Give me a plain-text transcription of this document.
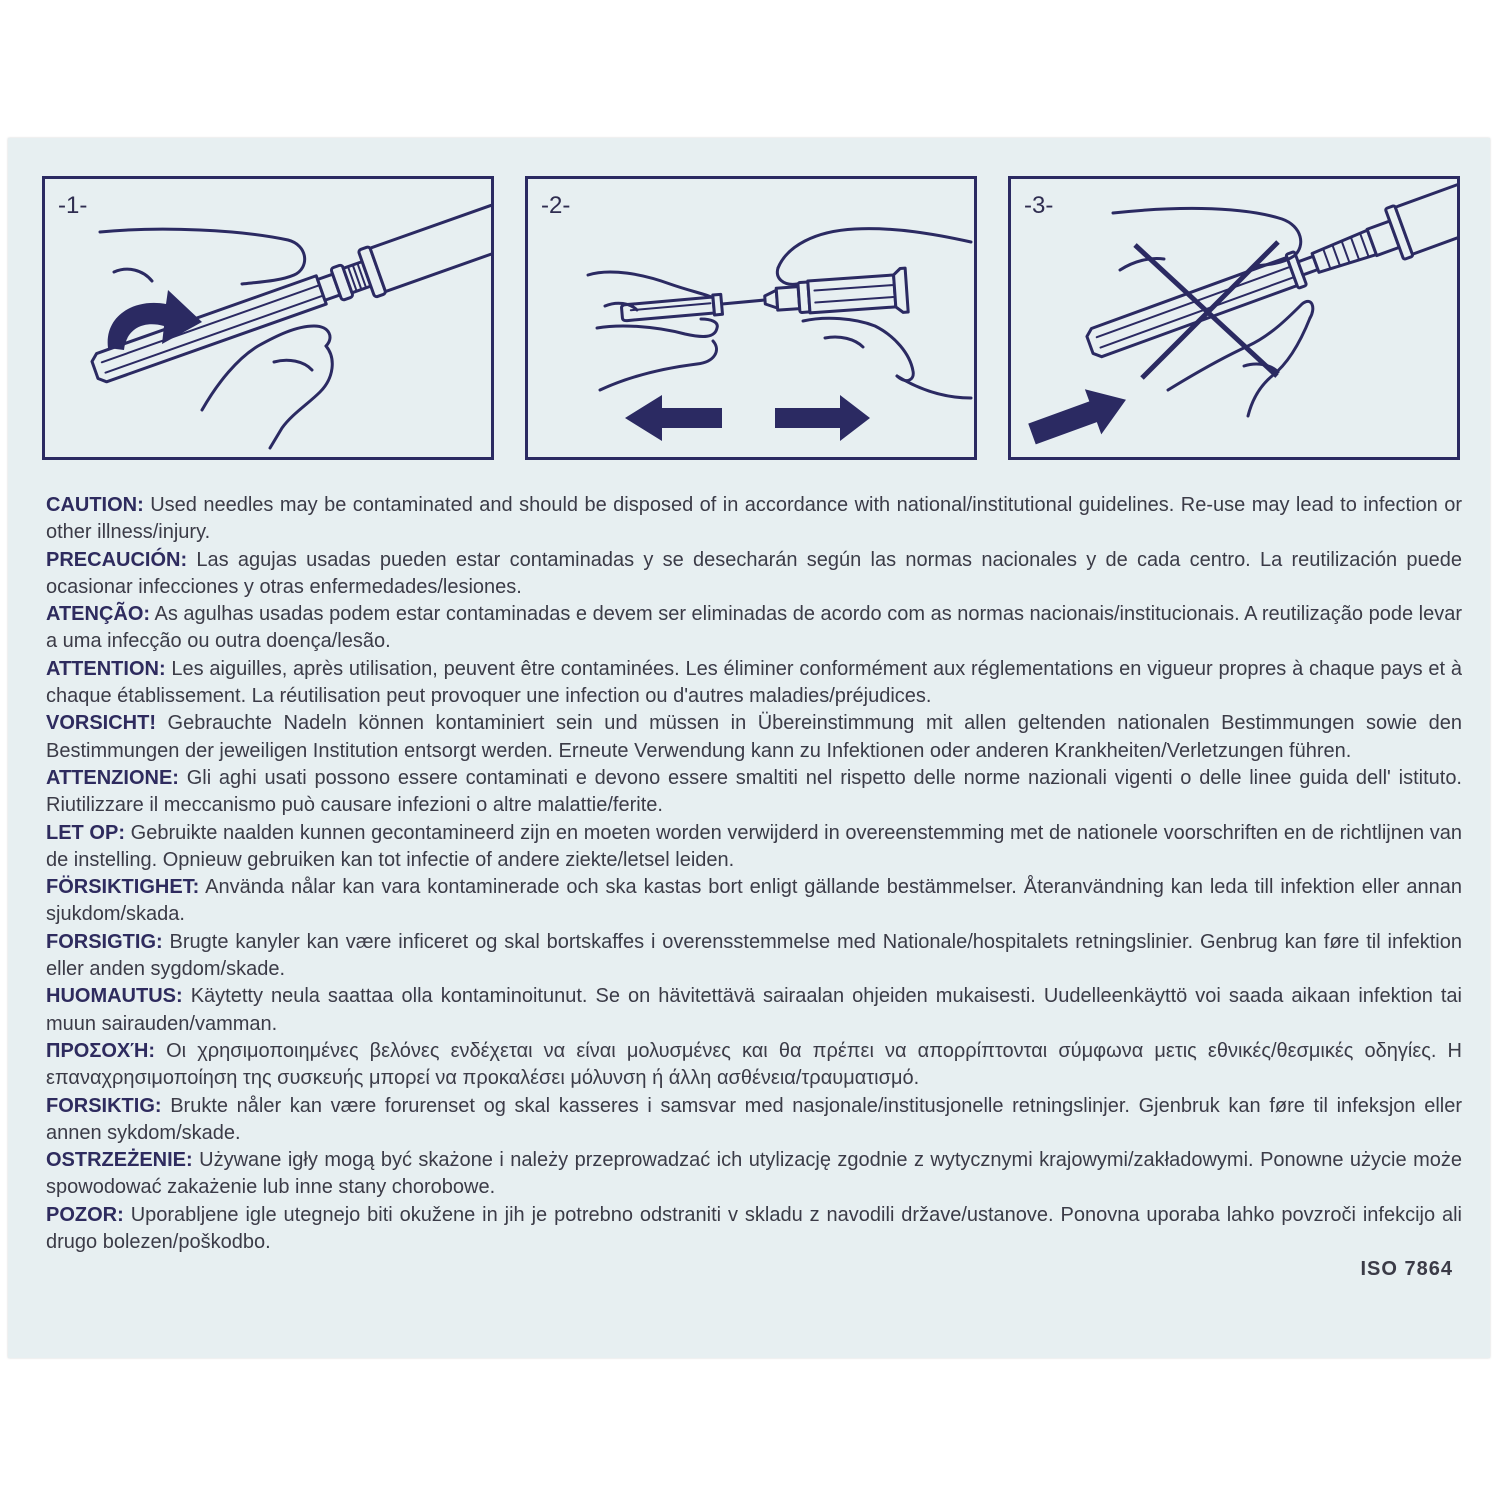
-1-	-2-	-3-

CAUTION: Used needles may be contaminated and should be disposed of in accordance with national/institutional guidelines. Re-use may lead to infection or other illness/injury.

PRECAUCIÓN: Las agujas usadas pueden estar contaminadas y se desecharán según las normas nacionales y de cada centro. La reutilización puede ocasionar infecciones y otras enfermedades/lesiones.

ATENÇÃO: As agulhas usadas podem estar contaminadas e devem ser eliminadas de acordo com as normas nacionais/institucionais. A reutilização pode levar a uma infecção ou outra doença/lesão.

ATTENTION: Les aiguilles, après utilisation, peuvent être contaminées. Les éliminer conformément aux réglementations en vigueur propres à chaque pays et à chaque établissement. La réutilisation peut provoquer une infection ou d'autres maladies/préjudices.

VORSICHT! Gebrauchte Nadeln können kontaminiert sein und müssen in Übereinstimmung mit allen geltenden nationalen Bestimmungen sowie den Bestimmungen der jeweiligen Institution entsorgt werden. Erneute Verwendung kann zu Infektionen oder anderen Krankheiten/Verletzungen führen.

ATTENZIONE: Gli aghi usati possono essere contaminati e devono essere smaltiti nel rispetto delle norme nazionali vigenti o delle linee guida dell' istituto. Riutilizzare il meccanismo può causare infezioni o altre malattie/ferite.

LET OP: Gebruikte naalden kunnen gecontamineerd zijn en moeten worden verwijderd in overeenstemming met de nationele voorschriften en de richtlijnen van de instelling. Opnieuw gebruiken kan tot infectie of andere ziekte/letsel leiden.

FÖRSIKTIGHET: Använda nålar kan vara kontaminerade och ska kastas bort enligt gällande bestämmelser. Återanvändning kan leda till infektion eller annan sjukdom/skada.

FORSIGTIG: Brugte kanyler kan være inficeret og skal bortskaffes i overensstemmelse med Nationale/hospitalets retningslinier. Genbrug kan føre til infektion eller anden sygdom/skade.

HUOMAUTUS: Käytetty neula saattaa olla kontaminoitunut. Se on hävitettävä sairaalan ohjeiden mukaisesti. Uudelleenkäyttö voi saada aikaan infektion tai muun sairauden/vamman.

ΠΡΟΣΟΧΉ: Οι χρησιμοποιημένες βελόνες ενδέχεται να είναι μολυσμένες και θα πρέπει να απορρίπτονται σύμφωνα μετις εθνικές/θεσμικές οδηγίες. Η επαναχρησιμοποίηση της συσκευής μπορεί να προκαλέσει μόλυνση ή άλλη ασθένεια/τραυματισμό.

FORSIKTIG: Brukte nåler kan være forurenset og skal kasseres i samsvar med nasjonale/institusjonelle retningslinjer. Gjenbruk kan føre til infeksjon eller annen sykdom/skade.

OSTRZEŻENIE: Używane igły mogą być skażone i należy przeprowadzać ich utylizację zgodnie z wytycznymi krajowymi/zakładowymi. Ponowne użycie może spowodować zakażenie lub inne stany chorobowe.

POZOR: Uporabljene igle utegnejo biti okužene in jih je potrebno odstraniti v skladu z navodili države/ustanove. Ponovna uporaba lahko povzroči infekcijo ali drugo bolezen/poškodbo.

ISO 7864
